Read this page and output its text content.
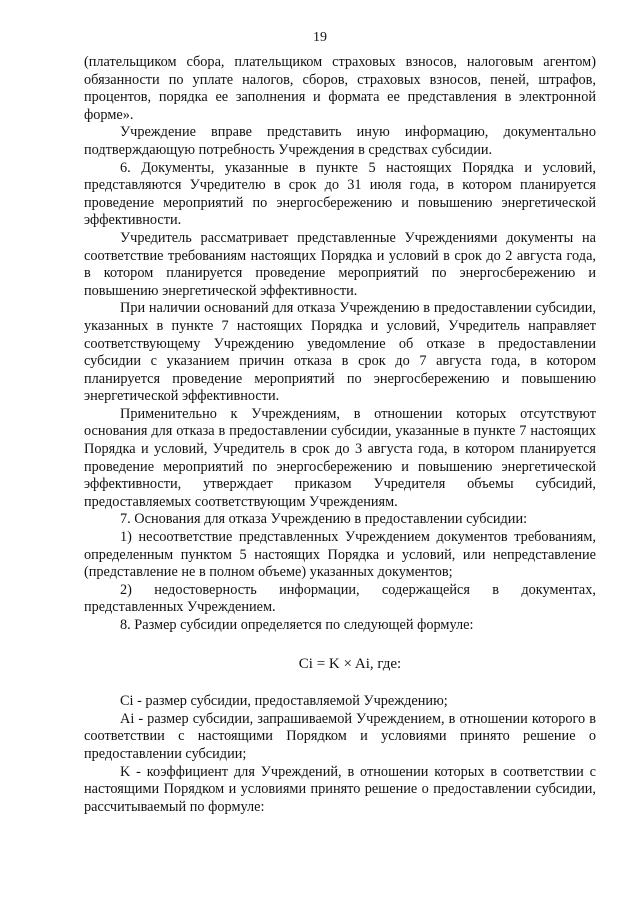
19

(плательщиком сбора, плательщиком страховых взносов, налоговым агентом) обязанности по уплате налогов, сборов, страховых взносов, пеней, штрафов, процентов, порядка ее заполнения и формата ее представления в электронной форме».

Учреждение вправе представить иную информацию, документально подтверждающую потребность Учреждения в средствах субсидии.

6. Документы, указанные в пункте 5 настоящих Порядка и условий, представляются Учредителю в срок до 31 июля года, в котором планируется проведение мероприятий по энергосбережению и повышению энергетической эффективности.

Учредитель рассматривает представленные Учреждениями документы на соответствие требованиям настоящих Порядка и условий в срок до 2 августа года, в котором планируется проведение мероприятий по энергосбережению и повышению энергетической эффективности.

При наличии оснований для отказа Учреждению в предоставлении субсидии, указанных в пункте 7 настоящих Порядка и условий, Учредитель направляет соответствующему Учреждению уведомление об отказе в предоставлении субсидии с указанием причин отказа в срок до 7 августа года, в котором планируется проведение мероприятий по энергосбережению и повышению энергетической эффективности.

Применительно к Учреждениям, в отношении которых отсутствуют основания для отказа в предоставлении субсидии, указанные в пункте 7 настоящих Порядка и условий, Учредитель в срок до 3 августа года, в котором планируется проведение мероприятий по энергосбережению и повышению энергетической эффективности, утверждает приказом Учредителя объемы субсидий, предоставляемых соответствующим Учреждениям.

7. Основания для отказа Учреждению в предоставлении субсидии:

1) несоответствие представленных Учреждением документов требованиям, определенным пунктом 5 настоящих Порядка и условий, или непредставление (представление не в полном объеме) указанных документов;

2) недостоверность информации, содержащейся в документах, представленных Учреждением.

8. Размер субсидии определяется по следующей формуле:

Ci = K × Ai, где:

Ci - размер субсидии, предоставляемой Учреждению;

Ai - размер субсидии, запрашиваемой Учреждением, в отношении которого в соответствии с настоящими Порядком и условиями принято решение о предоставлении субсидии;

K - коэффициент для Учреждений, в отношении которых в соответствии с настоящими Порядком и условиями принято решение о предоставлении субсидии, рассчитываемый по формуле:
